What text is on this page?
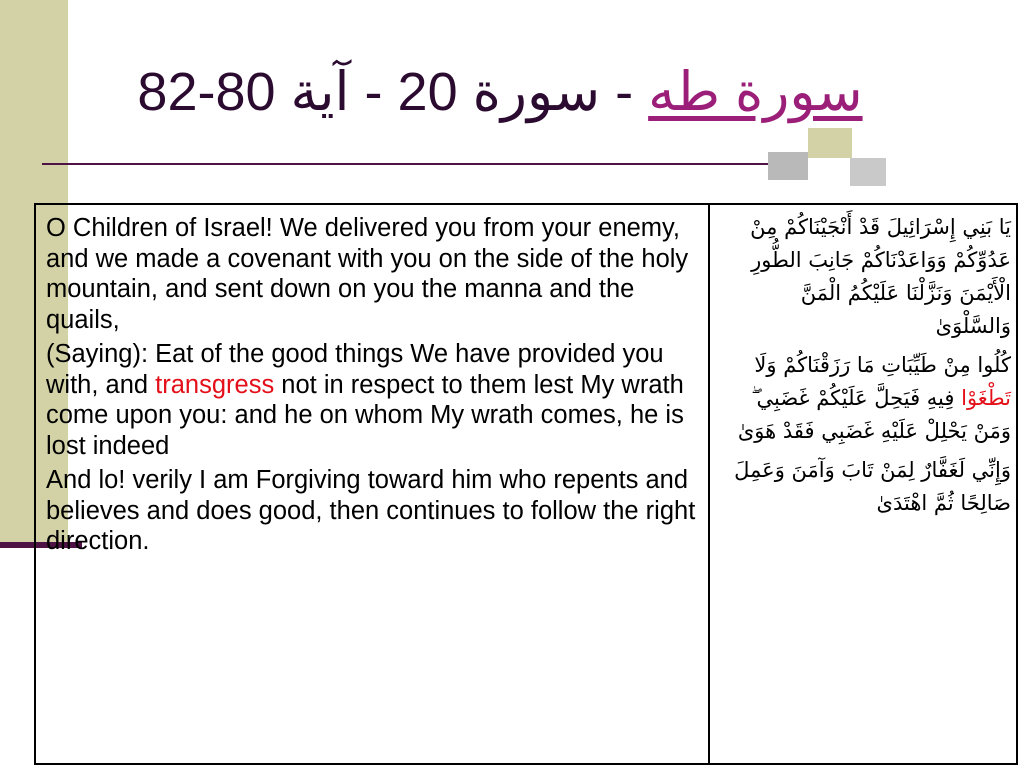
سورة طه - سورة 20 - آية 80-82

O Children of Israel! We delivered you from your enemy, and we made a covenant with you on the side of the holy mountain, and sent down on you the manna and the quails,

(Saying): Eat of the good things We have provided you with, and transgress not in respect to them lest My wrath come upon you: and he on whom My wrath comes, he is lost indeed

And lo! verily I am Forgiving toward him who repents and believes and does good, then continues to follow the right direction.

يَا بَنِي إِسْرَائِيلَ قَدْ أَنْجَيْنَاكُمْ مِنْ عَدُوِّكُمْ وَوَاعَدْنَاكُمْ جَانِبَ الطُّورِ الْأَيْمَنَ وَنَزَّلْنَا عَلَيْكُمُ الْمَنَّ وَالسَّلْوَىٰ

كُلُوا مِنْ طَيِّبَاتِ مَا رَزَقْنَاكُمْ وَلَا تَطْغَوْا فِيهِ فَيَحِلَّ عَلَيْكُمْ غَضَبِي ۖ وَمَنْ يَحْلِلْ عَلَيْهِ غَضَبِي فَقَدْ هَوَىٰ

وَإِنِّي لَغَفَّارٌ لِمَنْ تَابَ وَآمَنَ وَعَمِلَ صَالِحًا ثُمَّ اهْتَدَىٰ
